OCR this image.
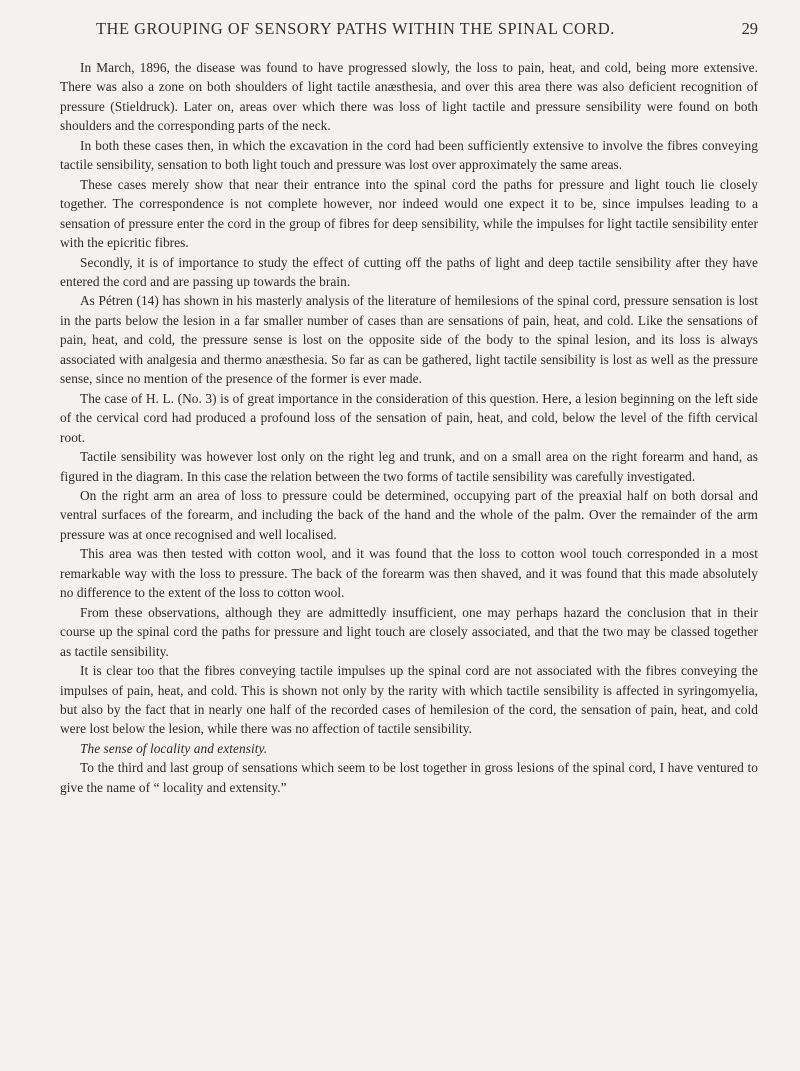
THE GROUPING OF SENSORY PATHS WITHIN THE SPINAL CORD.	29

In March, 1896, the disease was found to have progressed slowly, the loss to pain, heat, and cold, being more extensive. There was also a zone on both shoulders of light tactile anæsthesia, and over this area there was also deficient recognition of pressure (Stieldruck). Later on, areas over which there was loss of light tactile and pressure sensibility were found on both shoulders and the corresponding parts of the neck.

In both these cases then, in which the excavation in the cord had been sufficiently extensive to involve the fibres conveying tactile sensibility, sensation to both light touch and pressure was lost over approximately the same areas.

These cases merely show that near their entrance into the spinal cord the paths for pressure and light touch lie closely together. The correspondence is not complete however, nor indeed would one expect it to be, since impulses leading to a sensation of pressure enter the cord in the group of fibres for deep sensibility, while the impulses for light tactile sensibility enter with the epicritic fibres.

Secondly, it is of importance to study the effect of cutting off the paths of light and deep tactile sensibility after they have entered the cord and are passing up towards the brain.

As Pétren (14) has shown in his masterly analysis of the literature of hemilesions of the spinal cord, pressure sensation is lost in the parts below the lesion in a far smaller number of cases than are sensations of pain, heat, and cold. Like the sensations of pain, heat, and cold, the pressure sense is lost on the opposite side of the body to the spinal lesion, and its loss is always associated with analgesia and thermo anæsthesia. So far as can be gathered, light tactile sensibility is lost as well as the pressure sense, since no mention of the presence of the former is ever made.

The case of H. L. (No. 3) is of great importance in the consideration of this question. Here, a lesion beginning on the left side of the cervical cord had produced a profound loss of the sensation of pain, heat, and cold, below the level of the fifth cervical root.

Tactile sensibility was however lost only on the right leg and trunk, and on a small area on the right forearm and hand, as figured in the diagram. In this case the relation between the two forms of tactile sensibility was carefully investigated.

On the right arm an area of loss to pressure could be determined, occupying part of the preaxial half on both dorsal and ventral surfaces of the forearm, and including the back of the hand and the whole of the palm. Over the remainder of the arm pressure was at once recognised and well localised.

This area was then tested with cotton wool, and it was found that the loss to cotton wool touch corresponded in a most remarkable way with the loss to pressure. The back of the forearm was then shaved, and it was found that this made absolutely no difference to the extent of the loss to cotton wool.

From these observations, although they are admittedly insufficient, one may perhaps hazard the conclusion that in their course up the spinal cord the paths for pressure and light touch are closely associated, and that the two may be classed together as tactile sensibility.

It is clear too that the fibres conveying tactile impulses up the spinal cord are not associated with the fibres conveying the impulses of pain, heat, and cold. This is shown not only by the rarity with which tactile sensibility is affected in syringomyelia, but also by the fact that in nearly one half of the recorded cases of hemilesion of the cord, the sensation of pain, heat, and cold were lost below the lesion, while there was no affection of tactile sensibility.

The sense of locality and extensity.

To the third and last group of sensations which seem to be lost together in gross lesions of the spinal cord, I have ventured to give the name of “ locality and extensity.”
